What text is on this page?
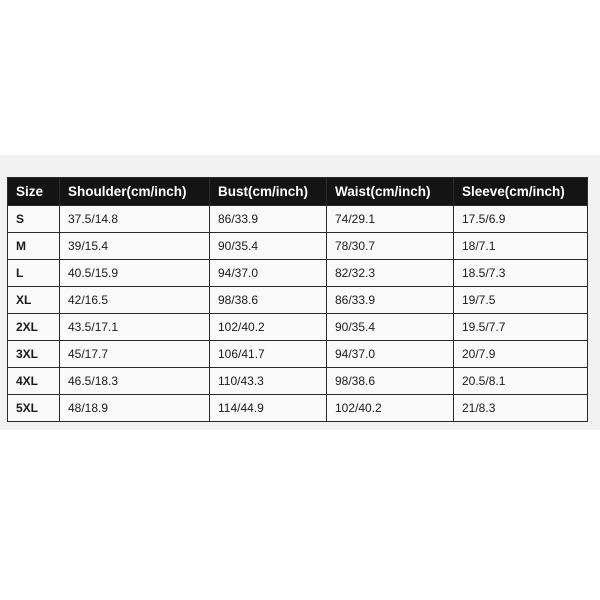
Size	Shoulder(cm/inch)	Bust(cm/inch)	Waist(cm/inch)	Sleeve(cm/inch)
S	37.5/14.8	86/33.9	74/29.1	17.5/6.9
M	39/15.4	90/35.4	78/30.7	18/7.1
L	40.5/15.9	94/37.0	82/32.3	18.5/7.3
XL	42/16.5	98/38.6	86/33.9	19/7.5
2XL	43.5/17.1	102/40.2	90/35.4	19.5/7.7
3XL	45/17.7	106/41.7	94/37.0	20/7.9
4XL	46.5/18.3	110/43.3	98/38.6	20.5/8.1
5XL	48/18.9	114/44.9	102/40.2	21/8.3
